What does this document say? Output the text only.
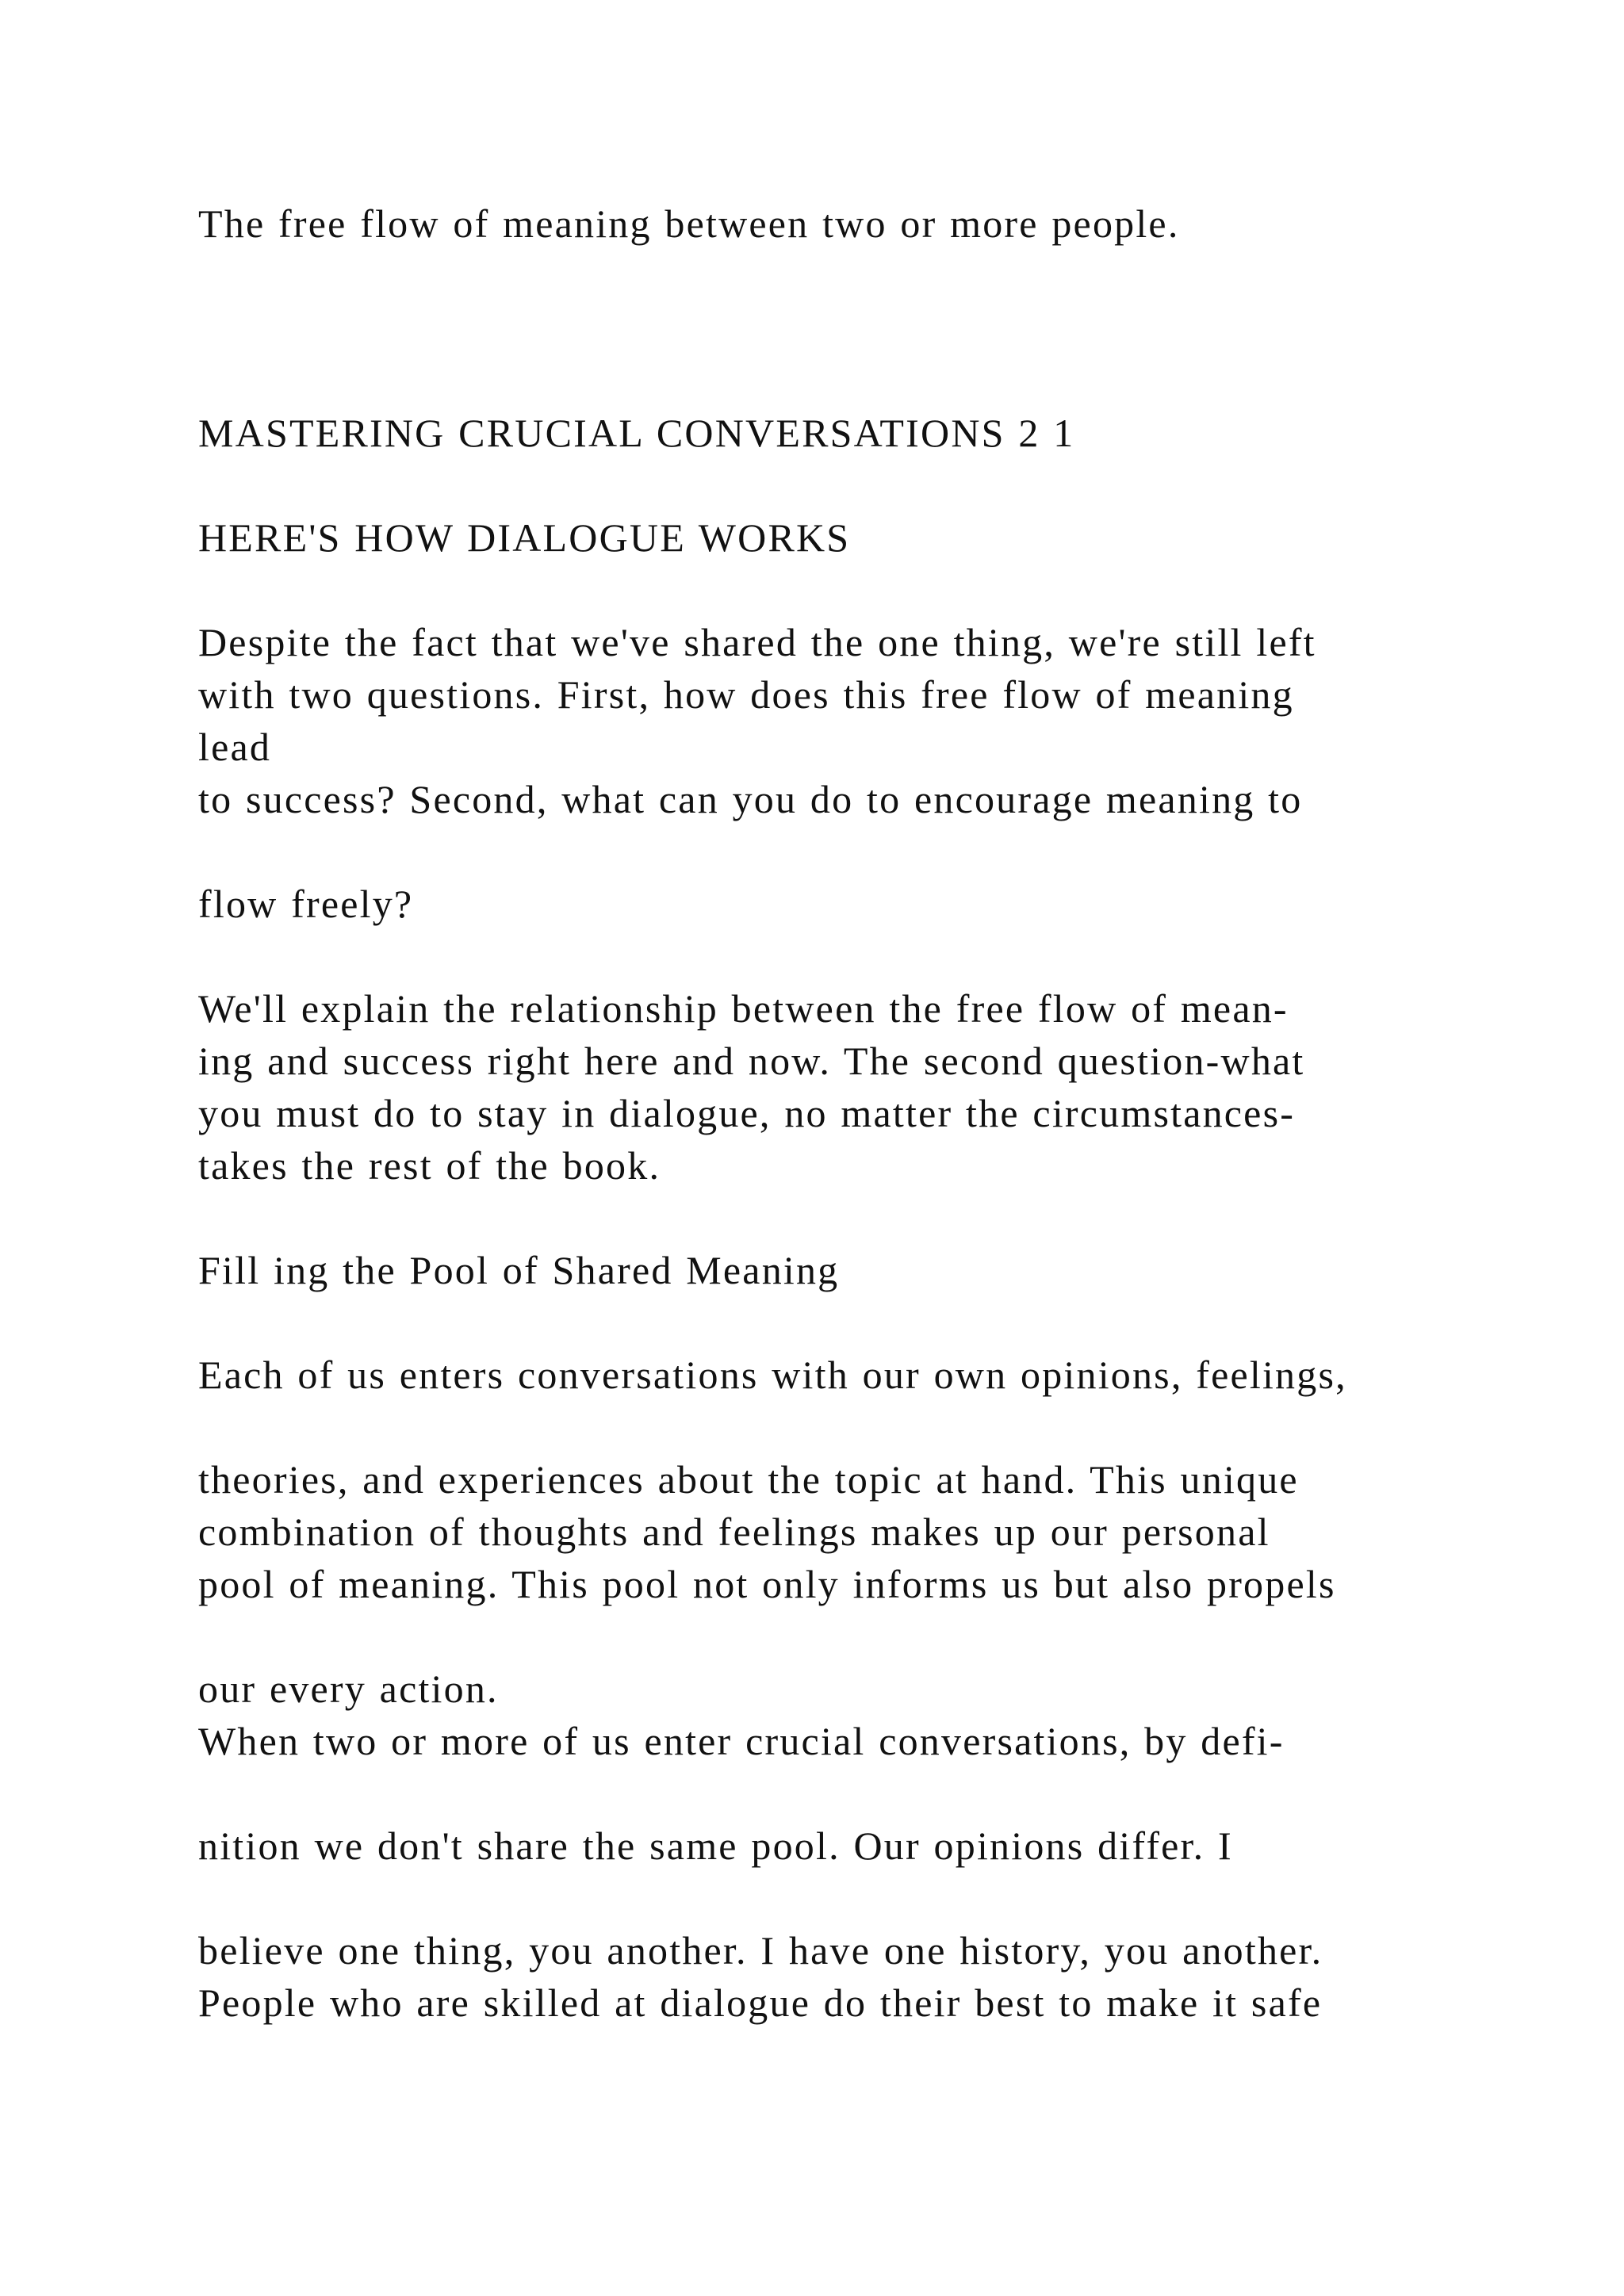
The free flow of meaning between two or more people.
MASTERING CRUCIAL CONVERSATIONS 2 1
HERE'S HOW DIALOGUE WORKS
Despite the fact that we've shared the one thing, we're still left
with two questions. First, how does this free flow of meaning
lead
to success? Second, what can you do to encourage meaning to
flow freely?
We'll explain the relationship between the free flow of mean-
ing and success right here and now. The second question-what
you must do to stay in dialogue, no matter the circumstances-
takes the rest of the book.
Fill ing the Pool of Shared Meaning
Each of us enters conversations with our own opinions, feelings,
theories, and experiences about the topic at hand. This unique
combination of thoughts and feelings makes up our personal
pool of meaning. This pool not only informs us but also propels
our every action.
When two or more of us enter crucial conversations, by defi-
nition we don't share the same pool. Our opinions differ. I
believe one thing, you another. I have one history, you another.
People who are skilled at dialogue do their best to make it safe
